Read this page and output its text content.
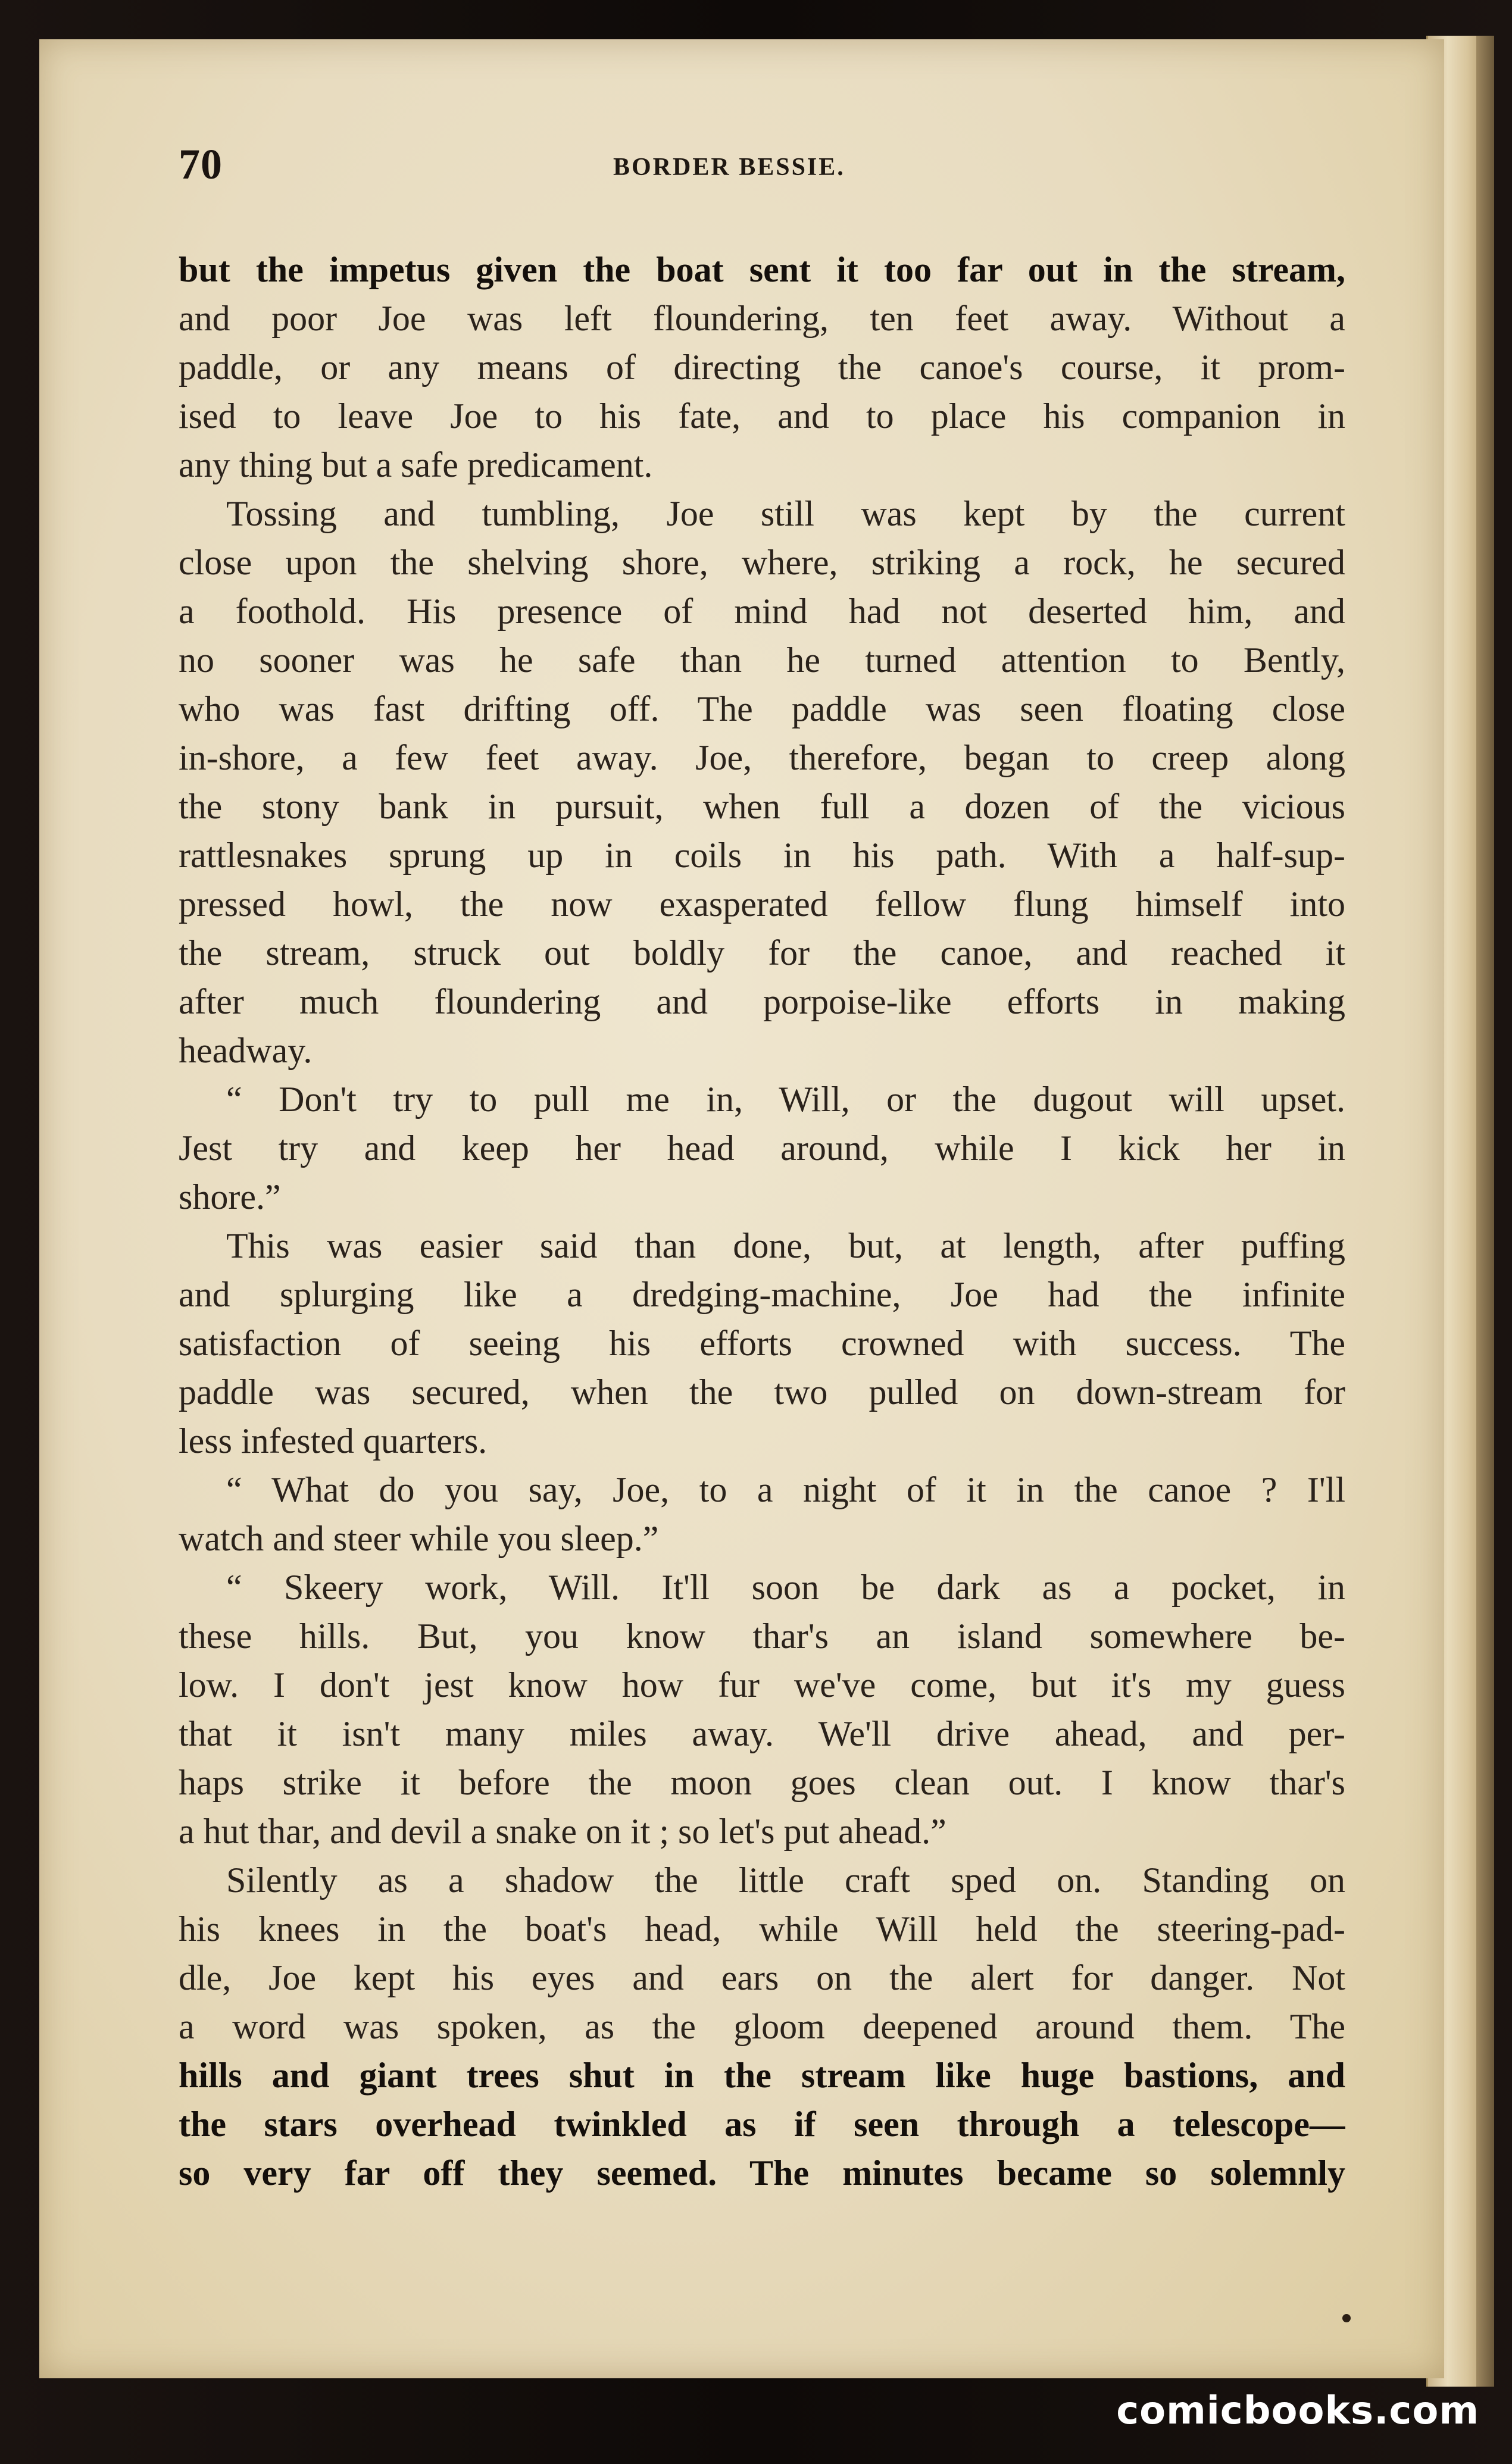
70	BORDER BESSIE.
but the impetus given the boat sent it too far out in the stream,
and poor Joe was left floundering, ten feet away. Without a
paddle, or any means of directing the canoe's course, it prom-
ised to leave Joe to his fate, and to place his companion in
any thing but a safe predicament.
Tossing and tumbling, Joe still was kept by the current
close upon the shelving shore, where, striking a rock, he secured
a foothold. His presence of mind had not deserted him, and
no sooner was he safe than he turned attention to Bently,
who was fast drifting off. The paddle was seen floating close
in-shore, a few feet away. Joe, therefore, began to creep along
the stony bank in pursuit, when full a dozen of the vicious
rattlesnakes sprung up in coils in his path. With a half-sup-
pressed howl, the now exasperated fellow flung himself into
the stream, struck out boldly for the canoe, and reached it
after much floundering and porpoise-like efforts in making
headway.
“ Don't try to pull me in, Will, or the dugout will upset.
Jest try and keep her head around, while I kick her in
shore.”
This was easier said than done, but, at length, after puffing
and splurging like a dredging-machine, Joe had the infinite
satisfaction of seeing his efforts crowned with success. The
paddle was secured, when the two pulled on down-stream for
less infested quarters.
“ What do you say, Joe, to a night of it in the canoe ? I'll
watch and steer while you sleep.”
“ Skeery work, Will. It'll soon be dark as a pocket, in
these hills. But, you know thar's an island somewhere be-
low. I don't jest know how fur we've come, but it's my guess
that it isn't many miles away. We'll drive ahead, and per-
haps strike it before the moon goes clean out. I know thar's
a hut thar, and devil a snake on it ; so let's put ahead.”
Silently as a shadow the little craft sped on. Standing on
his knees in the boat's head, while Will held the steering-pad-
dle, Joe kept his eyes and ears on the alert for danger. Not
a word was spoken, as the gloom deepened around them. The
hills and giant trees shut in the stream like huge bastions, and
the stars overhead twinkled as if seen through a telescope—
so very far off they seemed. The minutes became so solemnly
comicbooks.com
